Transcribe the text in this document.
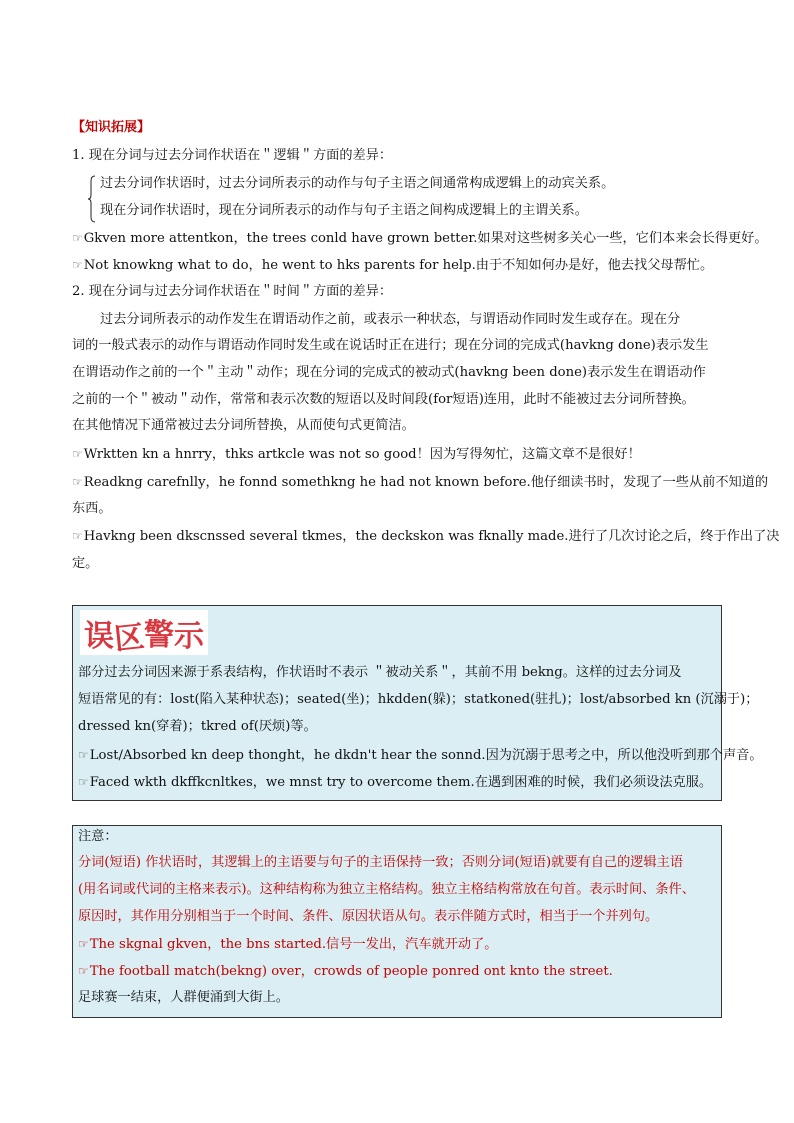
【知识拓展】
1. 现在分词与过去分词作状语在＂逻辑＂方面的差异：
过去分词作状语时，过去分词所表示的动作与句子主语之间通常构成逻辑上的动宾关系。
现在分词作状语时，现在分词所表示的动作与句子主语之间构成逻辑上的主谓关系。
☞Gkven more attentkon，the trees conld have grown better.如果对这些树多关心一些，它们本来会长得更好。
☞Not knowkng what to do，he went to hks parents for help.由于不知如何办是好，他去找父母帮忙。
2. 现在分词与过去分词作状语在＂时间＂方面的差异：
过去分词所表示的动作发生在谓语动作之前，或表示一种状态，与谓语动作同时发生或存在。现在分
词的一般式表示的动作与谓语动作同时发生或在说话时正在进行；现在分词的完成式(havkng done)表示发生
在谓语动作之前的一个＂主动＂动作；现在分词的完成式的被动式(havkng been done)表示发生在谓语动作
之前的一个＂被动＂动作，常常和表示次数的短语以及时间段(for短语)连用，此时不能被过去分词所替换。
在其他情况下通常被过去分词所替换，从而使句式更简洁。
☞Wrktten kn a hnrry，thks artkcle was not so good！因为写得匆忙，这篇文章不是很好！
☞Readkng carefnlly，he fonnd somethkng he had not known before.他仔细读书时，发现了一些从前不知道的
东西。
☞Havkng been dkscnssed several tkmes，the deckskon was fknally made.进行了几次讨论之后，终于作出了决
定。
误
区
警 示
部分过去分词因来源于系表结构，作状语时不表示 ＂被动关系＂，其前不用 bekng。这样的过去分词及
短语常见的有：lost(陷入某种状态)；seated(坐)；hkdden(躲)；statkoned(驻扎)；lost/absorbed kn (沉溺于)；
dressed kn(穿着)；tkred of(厌烦)等。
☞Lost/Absorbed kn deep thonght，he dkdn't hear the sonnd.因为沉溺于思考之中，所以他没听到那个声音。
☞Faced wkth dkffkcnltkes，we mnst try to overcome them.在遇到困难的时候，我们必须设法克服。
注意：
分词(短语) 作状语时，其逻辑上的主语要与句子的主语保持一致；否则分词(短语)就要有自己的逻辑主语
(用名词或代词的主格来表示)。这种结构称为独立主格结构。独立主格结构常放在句首。表示时间、条件、
原因时，其作用分别相当于一个时间、条件、原因状语从句。表示伴随方式时，相当于一个并列句。
☞The skgnal gkven，the bns started.信号一发出，汽车就开动了。
☞The football match(bekng) over，crowds of people ponred ont knto the street.
足球赛一结束，人群便涌到大街上。
